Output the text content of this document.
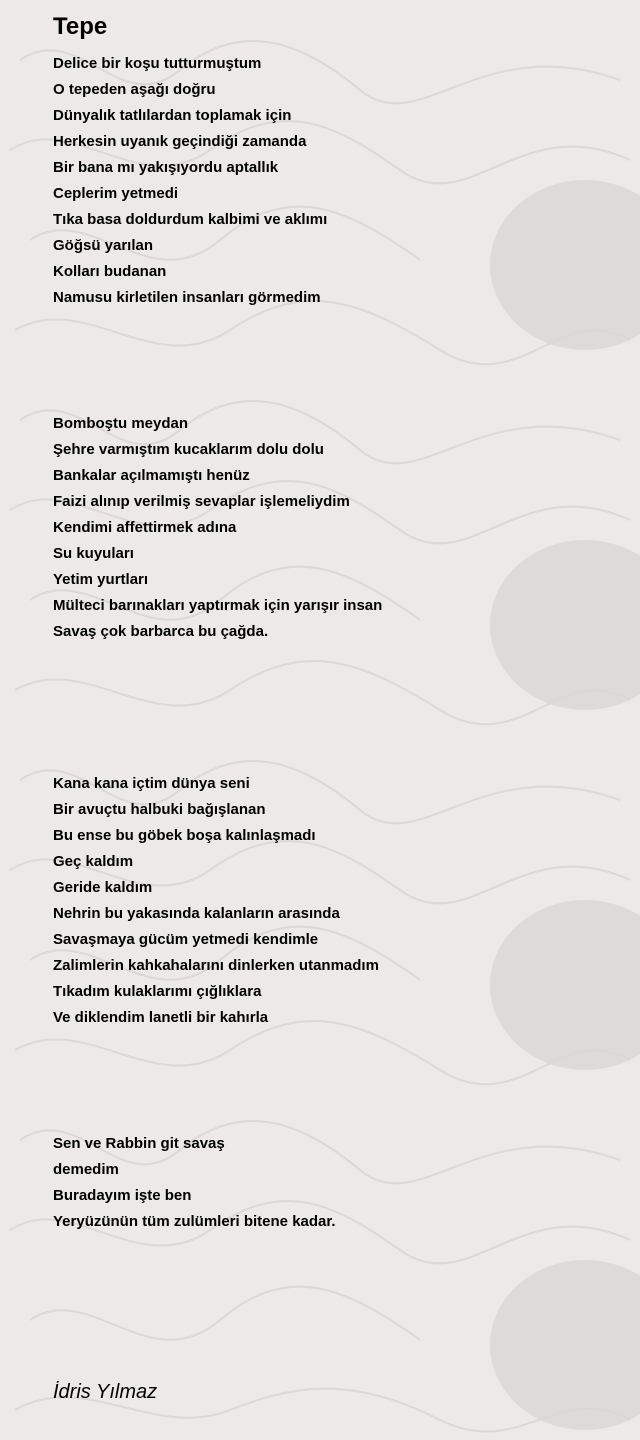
Tepe
Delice bir koşu tutturmuştum
O tepeden aşağı doğru
Dünyalık tatlılardan toplamak için
Herkesin uyanık geçindiği zamanda
Bir bana mı yakışıyordu aptallık
Ceplerim yetmedi
Tıka basa doldurdum kalbimi ve aklımı
Göğsü yarılan
Kolları budanan
Namusu kirletilen insanları görmedim
Bomboştu meydan
Şehre varmıştım kucaklarım dolu dolu
Bankalar açılmamıştı henüz
Faizi alınıp verilmiş sevaplar işlemeliydim
Kendimi affettirmek adına
Su kuyuları
Yetim yurtları
Mülteci barınakları yaptırmak için yarışır insan
Savaş çok barbarca bu çağda.
Kana kana içtim dünya seni
Bir avuçtu halbuki bağışlanan
Bu ense bu göbek boşa kalınlaşmadı
Geç kaldım
Geride kaldım
Nehrin bu yakasında kalanların arasında
Savaşmaya gücüm yetmedi kendimle
Zalimlerin kahkahalarını dinlerken utanmadım
Tıkadım kulaklarımı çığlıklara
Ve diklendim lanetli bir kahırla
Sen ve Rabbin git savaş
demedim
Buradayım işte ben
Yeryüzünün tüm zulümleri bitene kadar.
İdris Yılmaz
